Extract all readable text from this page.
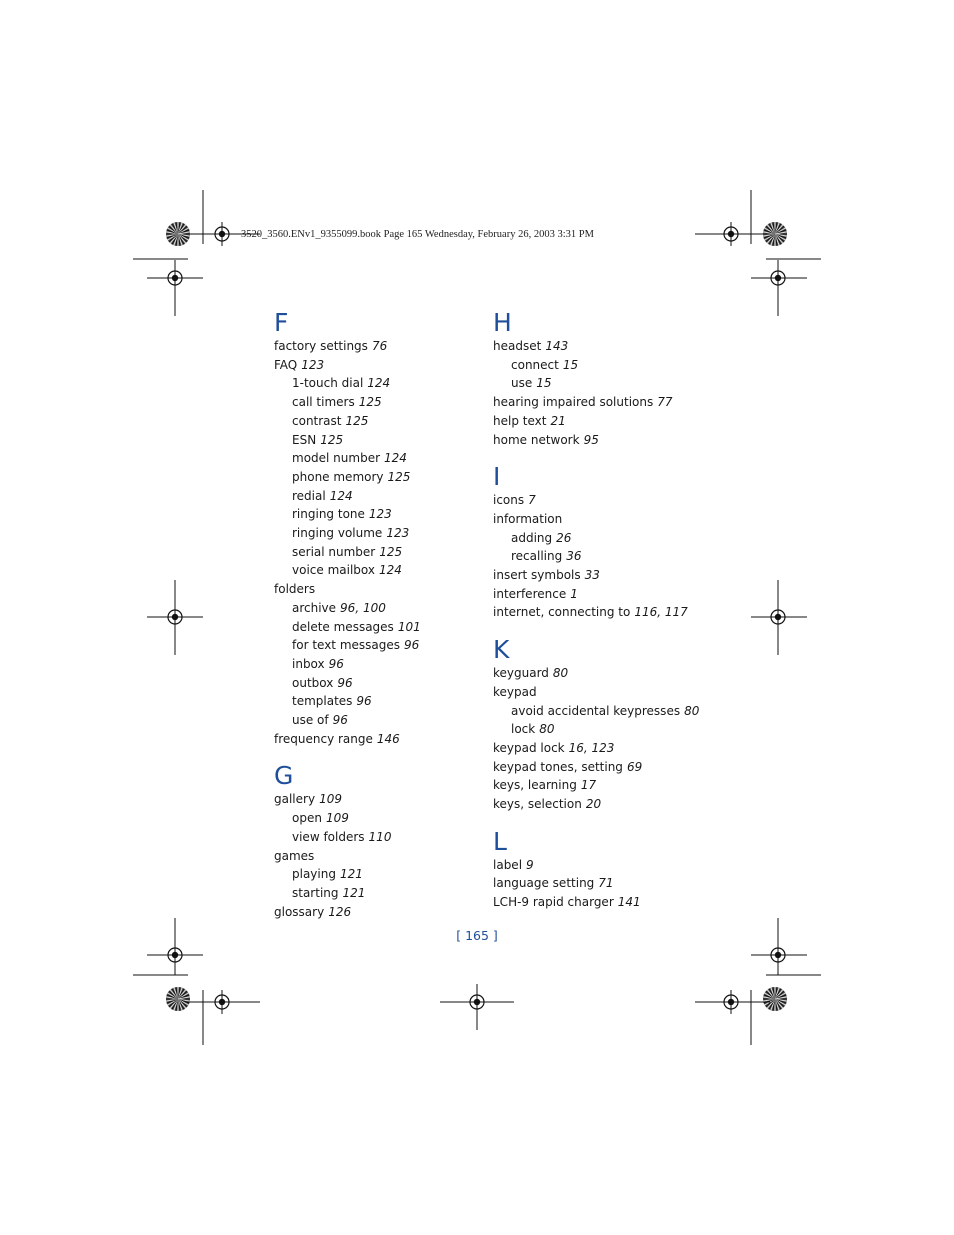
3520_3560.ENv1_9355099.book Page 165 Wednesday, February 26, 2003 3:31 PM
F
factory settings 76
FAQ 123
1-touch dial 124
call timers 125
contrast 125
ESN 125
model number 124
phone memory 125
redial 124
ringing tone 123
ringing volume 123
serial number 125
voice mailbox 124
folders
archive 96, 100
delete messages 101
for text messages 96
inbox 96
outbox 96
templates 96
use of 96
frequency range 146
G
gallery 109
open 109
view folders 110
games
playing 121
starting 121
glossary 126
H
headset 143
connect 15
use 15
hearing impaired solutions 77
help text 21
home network 95
I
icons 7
information
adding 26
recalling 36
insert symbols 33
interference 1
internet, connecting to 116, 117
K
keyguard 80
keypad
avoid accidental keypresses 80
lock 80
keypad lock 16, 123
keypad tones, setting 69
keys, learning 17
keys, selection 20
L
label 9
language setting 71
LCH-9 rapid charger 141
[ 165 ]
